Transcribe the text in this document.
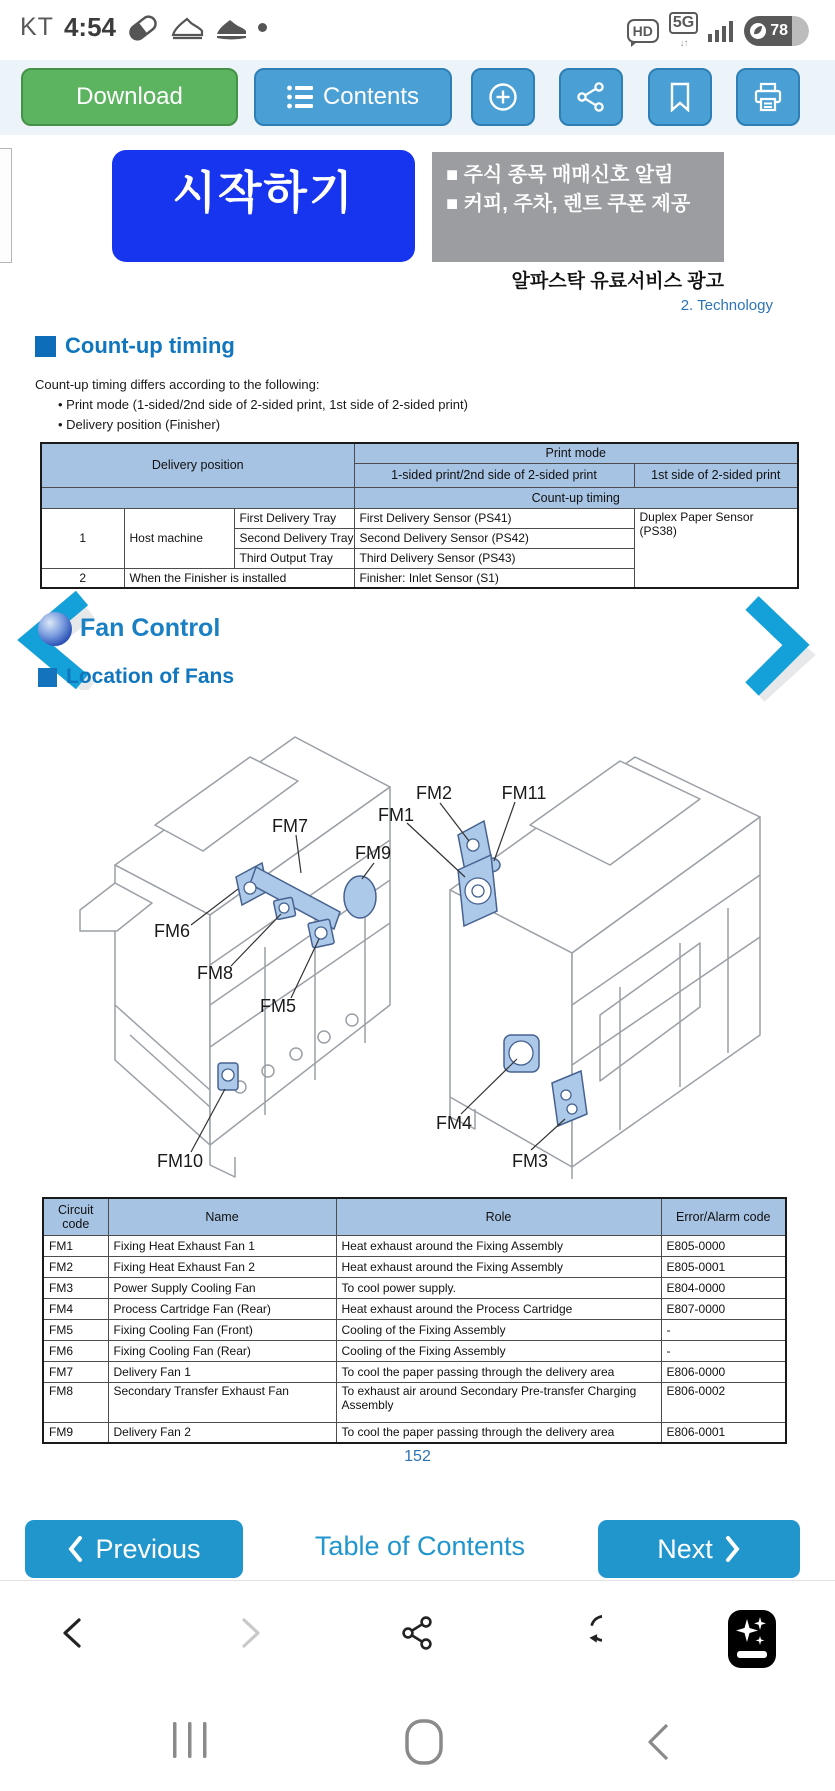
KT 4:54	HD	5G
↓↑
78
Download	Contents
시작하기	■ 주식 종목 매매신호 알림
■ 커피, 주차, 렌트 쿠폰 제공
알파스탁 유료서비스 광고
2. Technology
Count-up timing
Count-up timing differs according to the following:
• Print mode (1-sided/2nd side of 2-sided print, 1st side of 2-sided print)
• Delivery position (Finisher)
Delivery position			Print mode	
			1-sided print/2nd side of 2-sided print	1st side of 2-sided print
			Count-up timing	
1	Host machine	First Delivery Tray	First Delivery Sensor (PS41)	Duplex Paper Sensor (PS38)
		Second Delivery Tray	Second Delivery Sensor (PS42)	
		Third Output Tray	Third Delivery Sensor (PS43)	
2	When the Finisher is installed		Finisher: Inlet Sensor (S1)	
Fan Control
Location of Fans
FM7
FM9
FM1
FM2	FM11
FM6
FM8
FM5
FM10
FM4
FM3
Circuit code	Name	Role	Error/Alarm code
FM1	Fixing Heat Exhaust Fan 1	Heat exhaust around the Fixing Assembly	E805-0000
FM2	Fixing Heat Exhaust Fan 2	Heat exhaust around the Fixing Assembly	E805-0001
FM3	Power Supply Cooling Fan	To cool power supply.	E804-0000
FM4	Process Cartridge Fan (Rear)	Heat exhaust around the Process Cartridge	E807-0000
FM5	Fixing Cooling Fan (Front)	Cooling of the Fixing Assembly	-
FM6	Fixing Cooling Fan (Rear)	Cooling of the Fixing Assembly	-
FM7	Delivery Fan 1	To cool the paper passing through the delivery area	E806-0000
FM8	Secondary Transfer Exhaust Fan	To exhaust air around Secondary Pre-transfer Charging Assembly	E806-0002
FM9	Delivery Fan 2	To cool the paper passing through the delivery area	E806-0001
152
Previous	Table of Contents	Next
